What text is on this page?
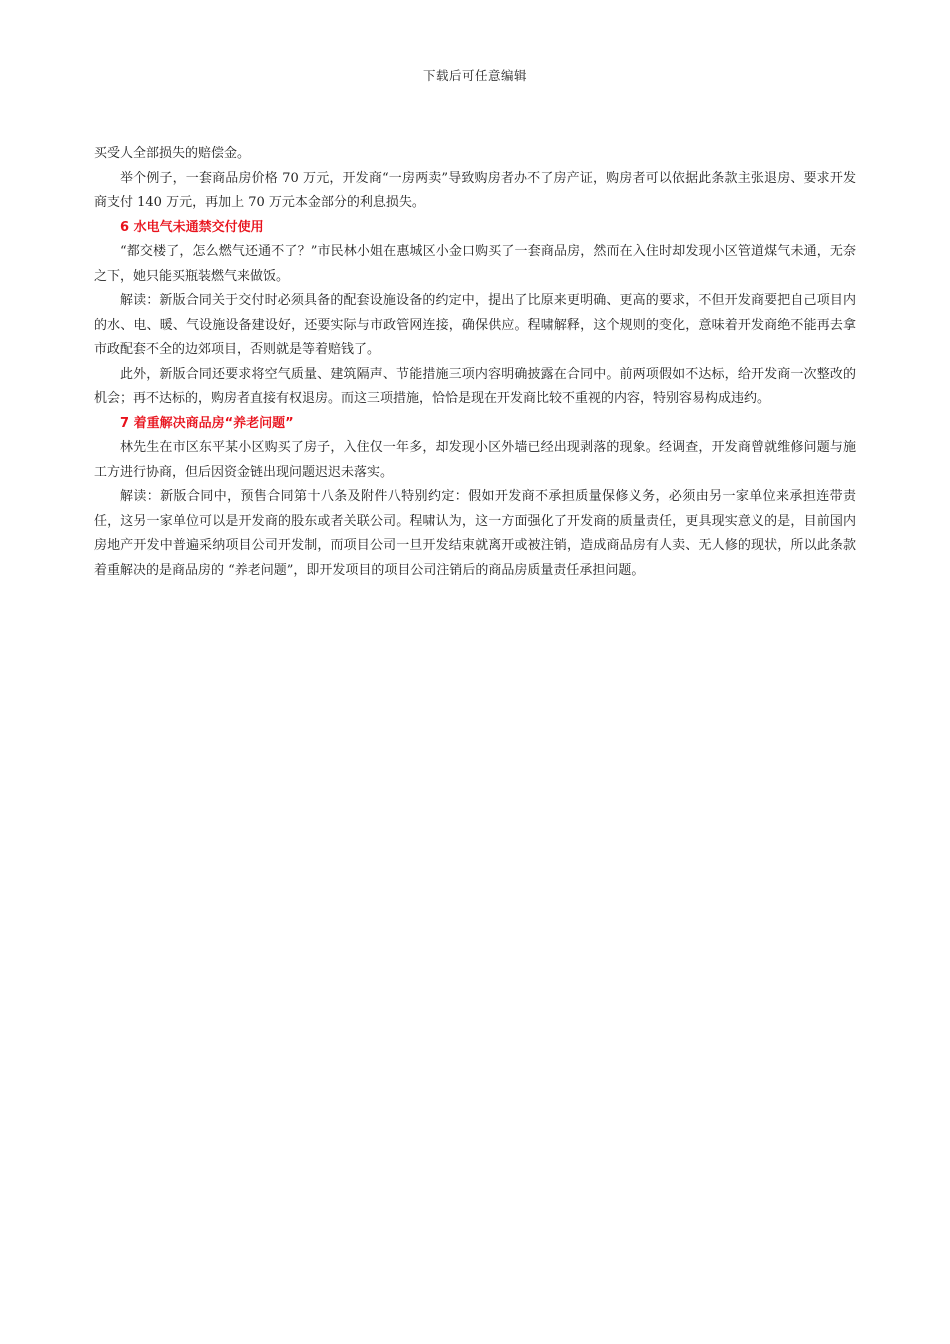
下载后可任意编辑

买受人全部损失的赔偿金。

举个例子，一套商品房价格 70 万元，开发商“一房两卖”导致购房者办不了房产证，购房者可以依据此条款主张退房、要求开发商支付 140 万元，再加上 70 万元本金部分的利息损失。

6 水电气未通禁交付使用

“都交楼了，怎么燃气还通不了？”市民林小姐在惠城区小金口购买了一套商品房，然而在入住时却发现小区管道煤气未通，无奈之下，她只能买瓶装燃气来做饭。

解读：新版合同关于交付时必须具备的配套设施设备的约定中，提出了比原来更明确、更高的要求，不但开发商要把自己项目内的水、电、暖、气设施设备建设好，还要实际与市政管网连接，确保供应。程啸解释，这个规则的变化，意味着开发商绝不能再去拿市政配套不全的边郊项目，否则就是等着赔钱了。

此外，新版合同还要求将空气质量、建筑隔声、节能措施三项内容明确披露在合同中。前两项假如不达标，给开发商一次整改的机会；再不达标的，购房者直接有权退房。而这三项措施，恰恰是现在开发商比较不重视的内容，特别容易构成违约。

7 着重解决商品房“养老问题”

林先生在市区东平某小区购买了房子，入住仅一年多，却发现小区外墙已经出现剥落的现象。经调查，开发商曾就维修问题与施工方进行协商，但后因资金链出现问题迟迟未落实。

解读：新版合同中，预售合同第十八条及附件八特别约定：假如开发商不承担质量保修义务，必须由另一家单位来承担连带责任，这另一家单位可以是开发商的股东或者关联公司。程啸认为，这一方面强化了开发商的质量责任，更具现实意义的是，目前国内房地产开发中普遍采纳项目公司开发制，而项目公司一旦开发结束就离开或被注销，造成商品房有人卖、无人修的现状，所以此条款着重解决的是商品房的 “养老问题”，即开发项目的项目公司注销后的商品房质量责任承担问题。
